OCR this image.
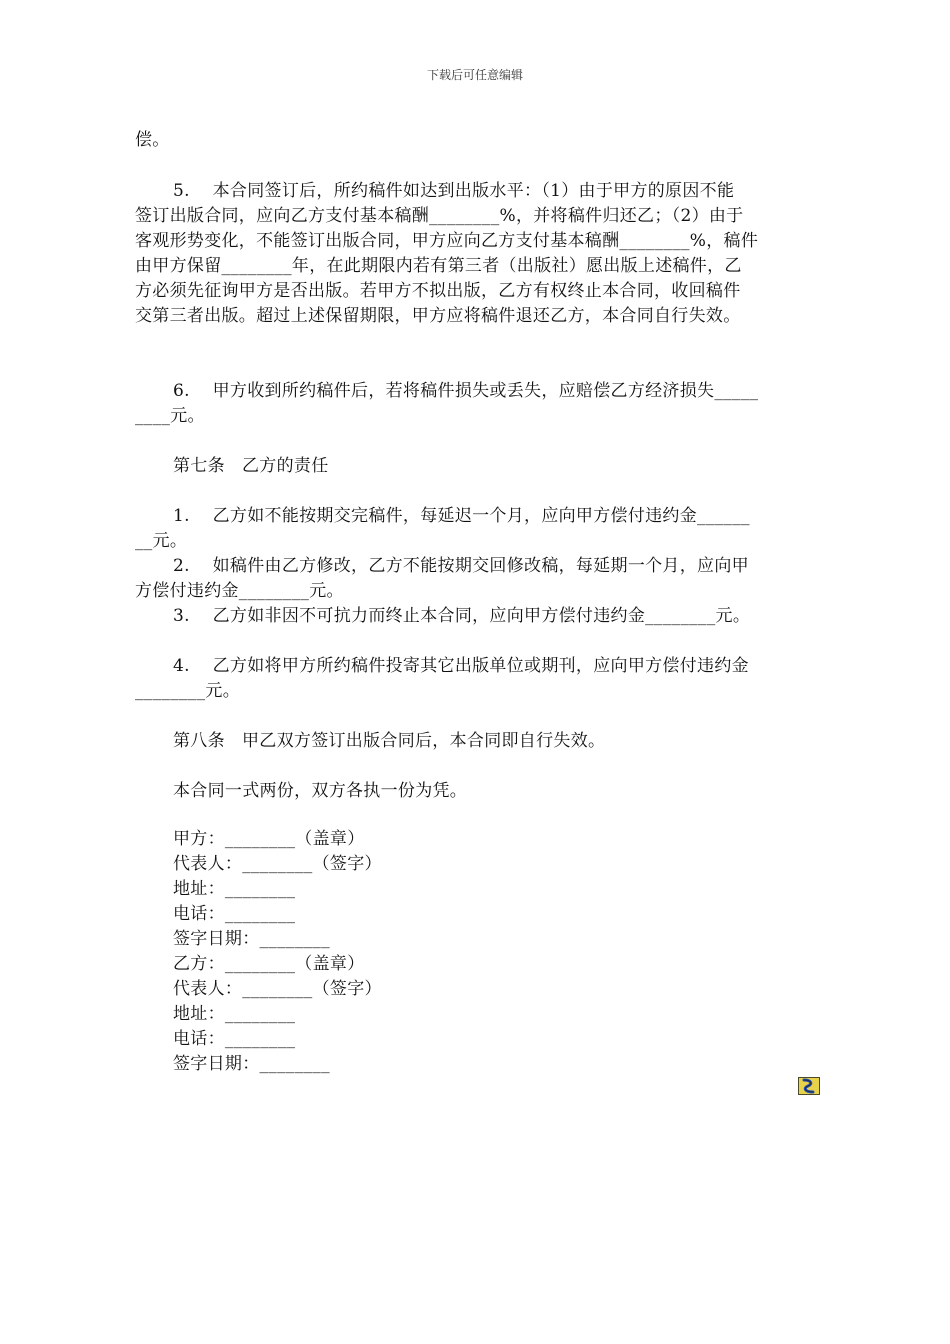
下载后可任意编辑
偿。
5.    本合同签订后，所约稿件如达到出版水平：（1）由于甲方的原因不能
签订出版合同，应向乙方支付基本稿酬________%，并将稿件归还乙；（2）由于
客观形势变化，不能签订出版合同，甲方应向乙方支付基本稿酬________%，稿件
由甲方保留________年，在此期限内若有第三者（出版社）愿出版上述稿件，乙
方必须先征询甲方是否出版。若甲方不拟出版，乙方有权终止本合同，收回稿件
交第三者出版。超过上述保留期限，甲方应将稿件退还乙方，本合同自行失效。
6.    甲方收到所约稿件后，若将稿件损失或丢失，应赔偿乙方经济损失_____
____元。
第七条   乙方的责任
1.    乙方如不能按期交完稿件，每延迟一个月，应向甲方偿付违约金______
__元。
2.    如稿件由乙方修改，乙方不能按期交回修改稿，每延期一个月，应向甲
方偿付违约金________元。
3.    乙方如非因不可抗力而终止本合同，应向甲方偿付违约金________元。
4.    乙方如将甲方所约稿件投寄其它出版单位或期刊，应向甲方偿付违约金
________元。
第八条   甲乙双方签订出版合同后，本合同即自行失效。
本合同一式两份，双方各执一份为凭。
甲方：________（盖章）
代表人：________（签字）
地址：________
电话：________
签字日期：________
乙方：________（盖章）
代表人：________（签字）
地址：________
电话：________
签字日期：________
